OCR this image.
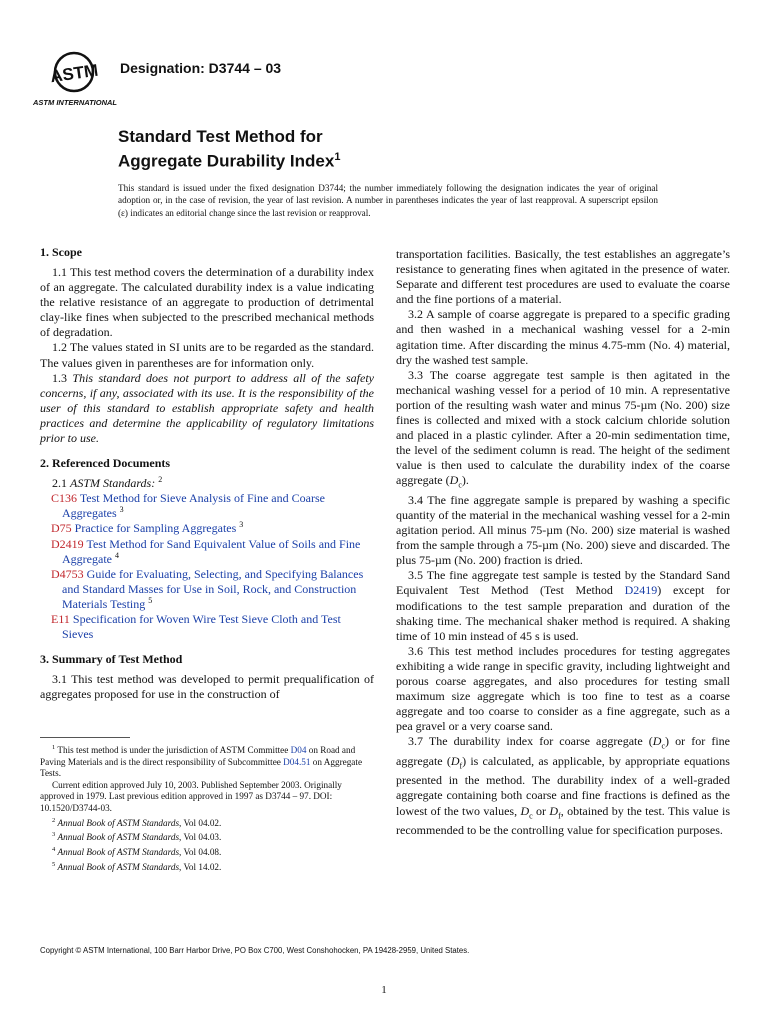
ASTM
ASTM INTERNATIONAL
Designation: D3744 – 03
Standard Test Method for
Aggregate Durability Index$^1$
This standard is issued under the fixed designation D3744; the number immediately following the designation indicates the year of original adoption or, in the case of revision, the year of last revision. A number in parentheses indicates the year of last reapproval. A superscript epsilon (ε) indicates an editorial change since the last revision or reapproval.
1. Scope

1.1 This test method covers the determination of a durability index of an aggregate. The calculated durability index is a value indicating the relative resistance of an aggregate to production of detrimental clay-like fines when subjected to the prescribed mechanical methods of degradation.

1.2 The values stated in SI units are to be regarded as the standard. The values given in parentheses are for information only.

1.3 This standard does not purport to address all of the safety concerns, if any, associated with its use. It is the responsibility of the user of this standard to establish appropriate safety and health practices and determine the applicability of regulatory limitations prior to use.

2. Referenced Documents

2.1 ASTM Standards: $^2$

C136 Test Method for Sieve Analysis of Fine and Coarse Aggregates $^3$
D75 Practice for Sampling Aggregates $^3$
D2419 Test Method for Sand Equivalent Value of Soils and Fine Aggregate $^4$
D4753 Guide for Evaluating, Selecting, and Specifying Balances and Standard Masses for Use in Soil, Rock, and Construction Materials Testing $^5$
E11 Specification for Woven Wire Test Sieve Cloth and Test Sieves
3. Summary of Test Method

3.1 This test method was developed to permit prequalification of aggregates proposed for use in the construction of

transportation facilities. Basically, the test establishes an aggregate’s resistance to generating fines when agitated in the presence of water. Separate and different test procedures are used to evaluate the coarse and the fine portions of a material.

3.2 A sample of coarse aggregate is prepared to a specific grading and then washed in a mechanical washing vessel for a 2-min agitation time. After discarding the minus 4.75-mm (No. 4) material, dry the washed test sample.

3.3 The coarse aggregate test sample is then agitated in the mechanical washing vessel for a period of 10 min. A representative portion of the resulting wash water and minus 75-µm (No. 200) size fines is collected and mixed with a stock calcium chloride solution and placed in a plastic cylinder. After a 20-min sedimentation time, the level of the sediment column is read. The height of the sediment value is then used to calculate the durability index of the coarse aggregate $(D_c)$.

3.4 The fine aggregate sample is prepared by washing a specific quantity of the material in the mechanical washing vessel for a 2-min agitation period. All minus 75-µm (No. 200) size material is washed from the sample through a 75-µm (No. 200) sieve and discarded. The plus 75-µm (No. 200) fraction is dried.

3.5 The fine aggregate test sample is tested by the Standard Sand Equivalent Test Method (Test Method D2419) except for modifications to the test sample preparation and duration of the shaking time. The mechanical shaker method is required. A shaking time of 10 min instead of 45 s is used.

3.6 This test method includes procedures for testing aggregates exhibiting a wide range in specific gravity, including lightweight and porous coarse aggregates, and also procedures for testing small maximum size aggregate which is too fine to test as a coarse aggregate and too coarse to consider as a fine aggregate, such as a pea gravel or a very coarse sand.

3.7 The durability index for coarse aggregate $(D_c)$ or for fine aggregate $(D_f)$ is calculated, as applicable, by appropriate equations presented in the method. The durability index of a well-graded aggregate containing both coarse and fine fractions is defined as the lowest of the two values, $D_c$ or $D_f$, obtained by the test. This value is recommended to be the controlling value for specification purposes.

$^1$ This test method is under the jurisdiction of ASTM Committee D04 on Road and Paving Materials and is the direct responsibility of Subcommittee D04.51 on Aggregate Tests.

Current edition approved July 10, 2003. Published September 2003. Originally approved in 1979. Last previous edition approved in 1997 as D3744 – 97. DOI: 10.1520/D3744-03.

$^2$ Annual Book of ASTM Standards, Vol 04.02.

$^3$ Annual Book of ASTM Standards, Vol 04.03.

$^4$ Annual Book of ASTM Standards, Vol 04.08.

$^5$ Annual Book of ASTM Standards, Vol 14.02.

Copyright © ASTM International, 100 Barr Harbor Drive, PO Box C700, West Conshohocken, PA 19428-2959, United States.
1
